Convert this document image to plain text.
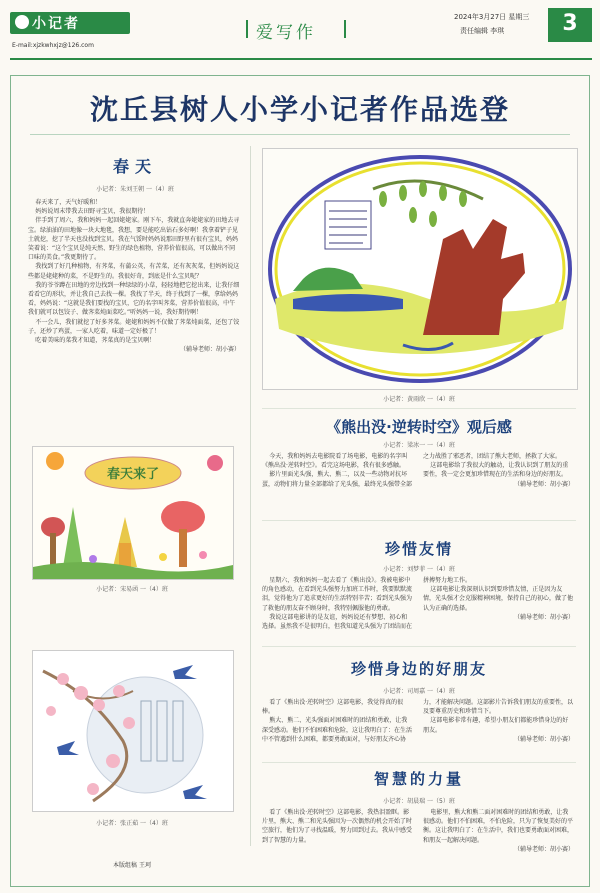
小记者
E-mail:xjzkwhxjz@126.com
爱写作
2024年3月27日 星期三
责任编辑 李琪	3
沈丘县树人小学小记者作品选登
春天
小记者：朱刘王朝 一（4）班

春天来了，天气好暖和！

妈妈说周末带我去田野寻宝贝，我很期待！

伴手到了周六，我和妈妈一起回姥姥家。刚下车，我就直奔姥姥家的田地去寻宝。绿油油的田地像一块大地毯，我想，要是能吃出钻石多好啊！我拿着铲子见土就挖，挖了半天也没找到宝贝。我在气馁时妈妈说那田野里有很有宝贝，妈妈笑着说：“这个宝贝是纯天然、野生的绿色植物，营养价值很高，可以做出不同口味的美食。”我更期待了。

我找到了好几种植物，有荠菜，有蒲公英，有苦菜，还有灰灰菜，但妈妈说这些都是姥姥种的菜，不是野生的。我很好奇，到底是什么宝贝呢？

我的爷爷蹲在田地的旁边找到一种绿绿的小草，轻轻地把它挖出来，让我仔细看看它的形状，并让我自己去找一棵。我找了半天，终于找到了一棵，拿给妈妈看，妈妈说：“这就是我们要找的宝贝，它的名字叫荠菜，营养价值很高，中午我们就可以包饺子、做荠菜炖面菜吃。”听妈妈一说，我好期待啊！

不一会儿，我们就挖了好多荠菜。姥姥和妈妈不仅做了荠菜炖面菜，还包了饺子，还炒了鸡蛋，一家人吃着，味道一定好极了！

吃着美味的菜我才知道，荠菜真的是宝贝啊！

（辅导老师：胡小赛）

春天来了
小记者：宋易函 一（4）班
小记者：张正茹 一（4）班
本版组稿 王珂
小记者：黄雨欣 一（4）班
《熊出没·逆转时空》观后感
小记者：梁冰一 一（4）班

今天，我和妈妈去电影院看了场电影，电影的名字叫《熊出没·逆转时空》。看完这场电影，我有很多感触。

影片里面光头强，熊大、熊二，以及一些动物对抗坏蛋，动物们将力量全部都给了光头强，最终光头强带全部之力战胜了邪恶者，团结了熊大老师，拯救了大家。

这部电影给了我很大的触动，让我认识到了朋友的重要性，我一定会更加珍惜现在的生活和身边的好朋友。

（辅导老师：胡小赛）

珍惜友情
小记者：刘梦菲 一（4）班

星期六，我和妈妈一起去看了《熊出没》。我被电影中的角色感动，在看到光头强努力加班工作时，我要默默流泪，觉得他为了追求更好的生活特别辛苦；看到光头强为了救他的朋友奋不顾身时，我特别佩服他的勇敢。

我说这部电影讲的是友谊，妈妈说还有梦想、初心和选择。虽然我不是很明白，但我知道光头强为了团结而在拼搏努力地工作。

这部电影让我深刻认识到要珍惜友情，正是因为友情，光头强才会克服精神困境，保持自己的初心，做了他认为正确的选择。

（辅导老师：胡小赛）

珍惜身边的好朋友
小记者：司周嘉 一（4）班

看了《熊出没·逆转时空》这部电影，我觉得真的很棒。

熊大、熊二、光头强面对困难时的团结和勇敢，让我深受感动。他们不怕困难和危险，这让我明白了：在生活中不管遇到什么困难，都要勇敢面对，与好朋友齐心协力，才能解决问题。这部影片告诉我们朋友的重要性，以及要尊重历史和珍惜当下。

这部电影非常有趣，希望小朋友们都能珍惜身边的好朋友。

（辅导老师：胡小赛）

智慧的力量
小记者：胡晨瑞 一（5）班

看了《熊出没·逆转时空》这部电影，我热泪盈眶。影片里，熊大、熊二和光头强因为一次偶然的机会开始了时空旅行，他们为了寻找温暖，努力回到过去。我从中感受到了智慧的力量。

电影里，熊大和熊二面对困难时的团结和勇敢，让我很感动。他们不怕困难，不怕危险，只为了恢复美好的平衡。这让我明白了：在生活中，我们也要勇敢面对困难，和朋友一起解决问题。

（辅导老师：胡小赛）
